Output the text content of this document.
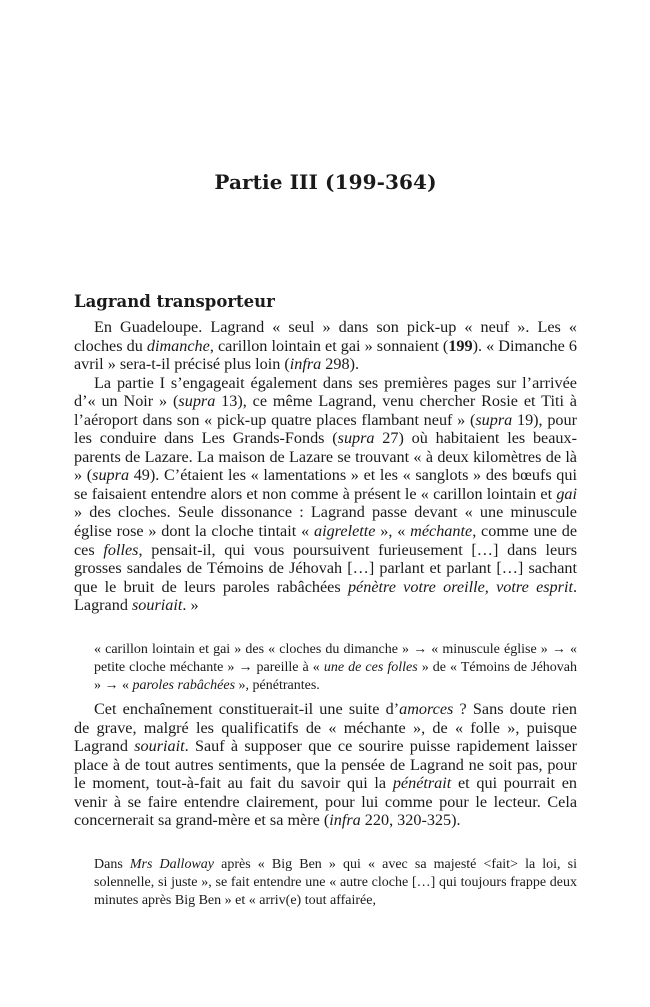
Partie III (199-364)
Lagrand transporteur

En Guadeloupe. Lagrand « seul » dans son pick-up « neuf ». Les « cloches du dimanche, carillon lointain et gai » sonnaient (199). « Dimanche 6 avril » sera-t-il précisé plus loin (infra 298).

La partie I s’engageait également dans ses premières pages sur l’arrivée d’« un Noir » (supra 13), ce même Lagrand, venu chercher Rosie et Titi à l’aéroport dans son « pick-up quatre places flambant neuf » (supra 19), pour les conduire dans Les Grands-Fonds (supra 27) où habitaient les beaux-parents de Lazare. La maison de Lazare se trouvant « à deux kilomètres de là » (supra 49). C’étaient les « lamentations » et les « sanglots » des bœufs qui se faisaient entendre alors et non comme à présent le « carillon lointain et gai » des cloches. Seule dissonance : Lagrand passe devant « une minuscule église rose » dont la cloche tintait « aigrelette », « méchante, comme une de ces folles, pensait-il, qui vous poursuivent furieusement […] dans leurs grosses sandales de Témoins de Jéhovah […] parlant et parlant […] sachant que le bruit de leurs paroles rabâchées pénètre votre oreille, votre esprit. Lagrand souriait. »

« carillon lointain et gai » des « cloches du dimanche » → « minuscule église » → « petite cloche méchante » → pareille à « une de ces folles » de « Témoins de Jéhovah » → « paroles rabâchées », pénétrantes.

Cet enchaînement constituerait-il une suite d’amorces ? Sans doute rien de grave, malgré les qualificatifs de « méchante », de « folle », puisque Lagrand souriait. Sauf à supposer que ce sourire puisse rapidement laisser place à de tout autres sentiments, que la pensée de Lagrand ne soit pas, pour le moment, tout-à-fait au fait du savoir qui la pénétrait et qui pourrait en venir à se faire entendre clairement, pour lui comme pour le lecteur. Cela concernerait sa grand-mère et sa mère (infra 220, 320-325).

Dans Mrs Dalloway après « Big Ben » qui « avec sa majesté <fait> la loi, si solennelle, si juste », se fait entendre une « autre cloche […] qui toujours frappe deux minutes après Big Ben » et « arriv(e) tout affairée,
